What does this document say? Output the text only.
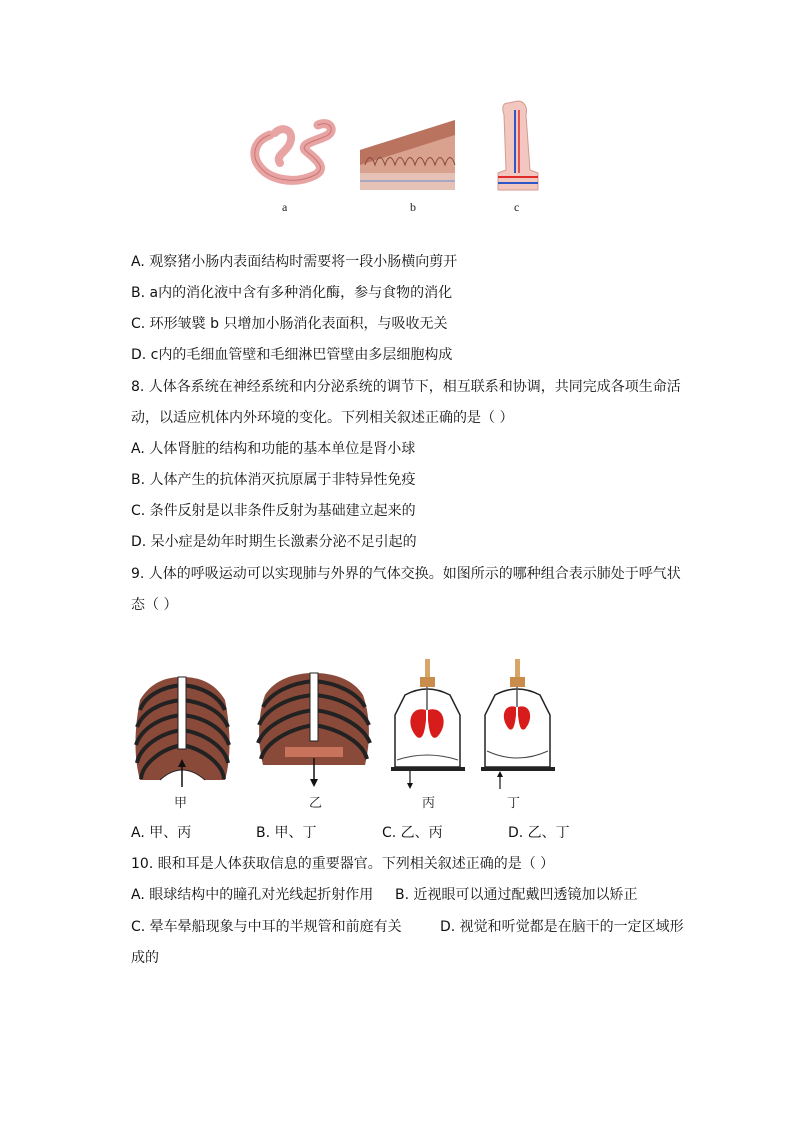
a	b	c
A. 观察猪小肠内表面结构时需要将一段小肠横向剪开
B. a内的消化液中含有多种消化酶，参与食物的消化
C. 环形皱襞 b 只增加小肠消化表面积，与吸收无关
D. c内的毛细血管壁和毛细淋巴管壁由多层细胞构成
8. 人体各系统在神经系统和内分泌系统的调节下，相互联系和协调，共同完成各项生命活
动，以适应机体内外环境的变化。下列相关叙述正确的是（ ）
A. 人体肾脏的结构和功能的基本单位是肾小球
B. 人体产生的抗体消灭抗原属于非特异性免疫
C. 条件反射是以非条件反射为基础建立起来的
D. 呆小症是幼年时期生长激素分泌不足引起的
9. 人体的呼吸运动可以实现肺与外界的气体交换。如图所示的哪种组合表示肺处于呼气状
态（ ）
甲	乙	丙	丁
A. 甲、丙	B. 甲、丁	C. 乙、丙	D. 乙、丁
10. 眼和耳是人体获取信息的重要器官。下列相关叙述正确的是（ ）
A. 眼球结构中的瞳孔对光线起折射作用 B. 近视眼可以通过配戴凹透镜加以矫正
C. 晕车晕船现象与中耳的半规管和前庭有关	D. 视觉和听觉都是在脑干的一定区域形
成的
